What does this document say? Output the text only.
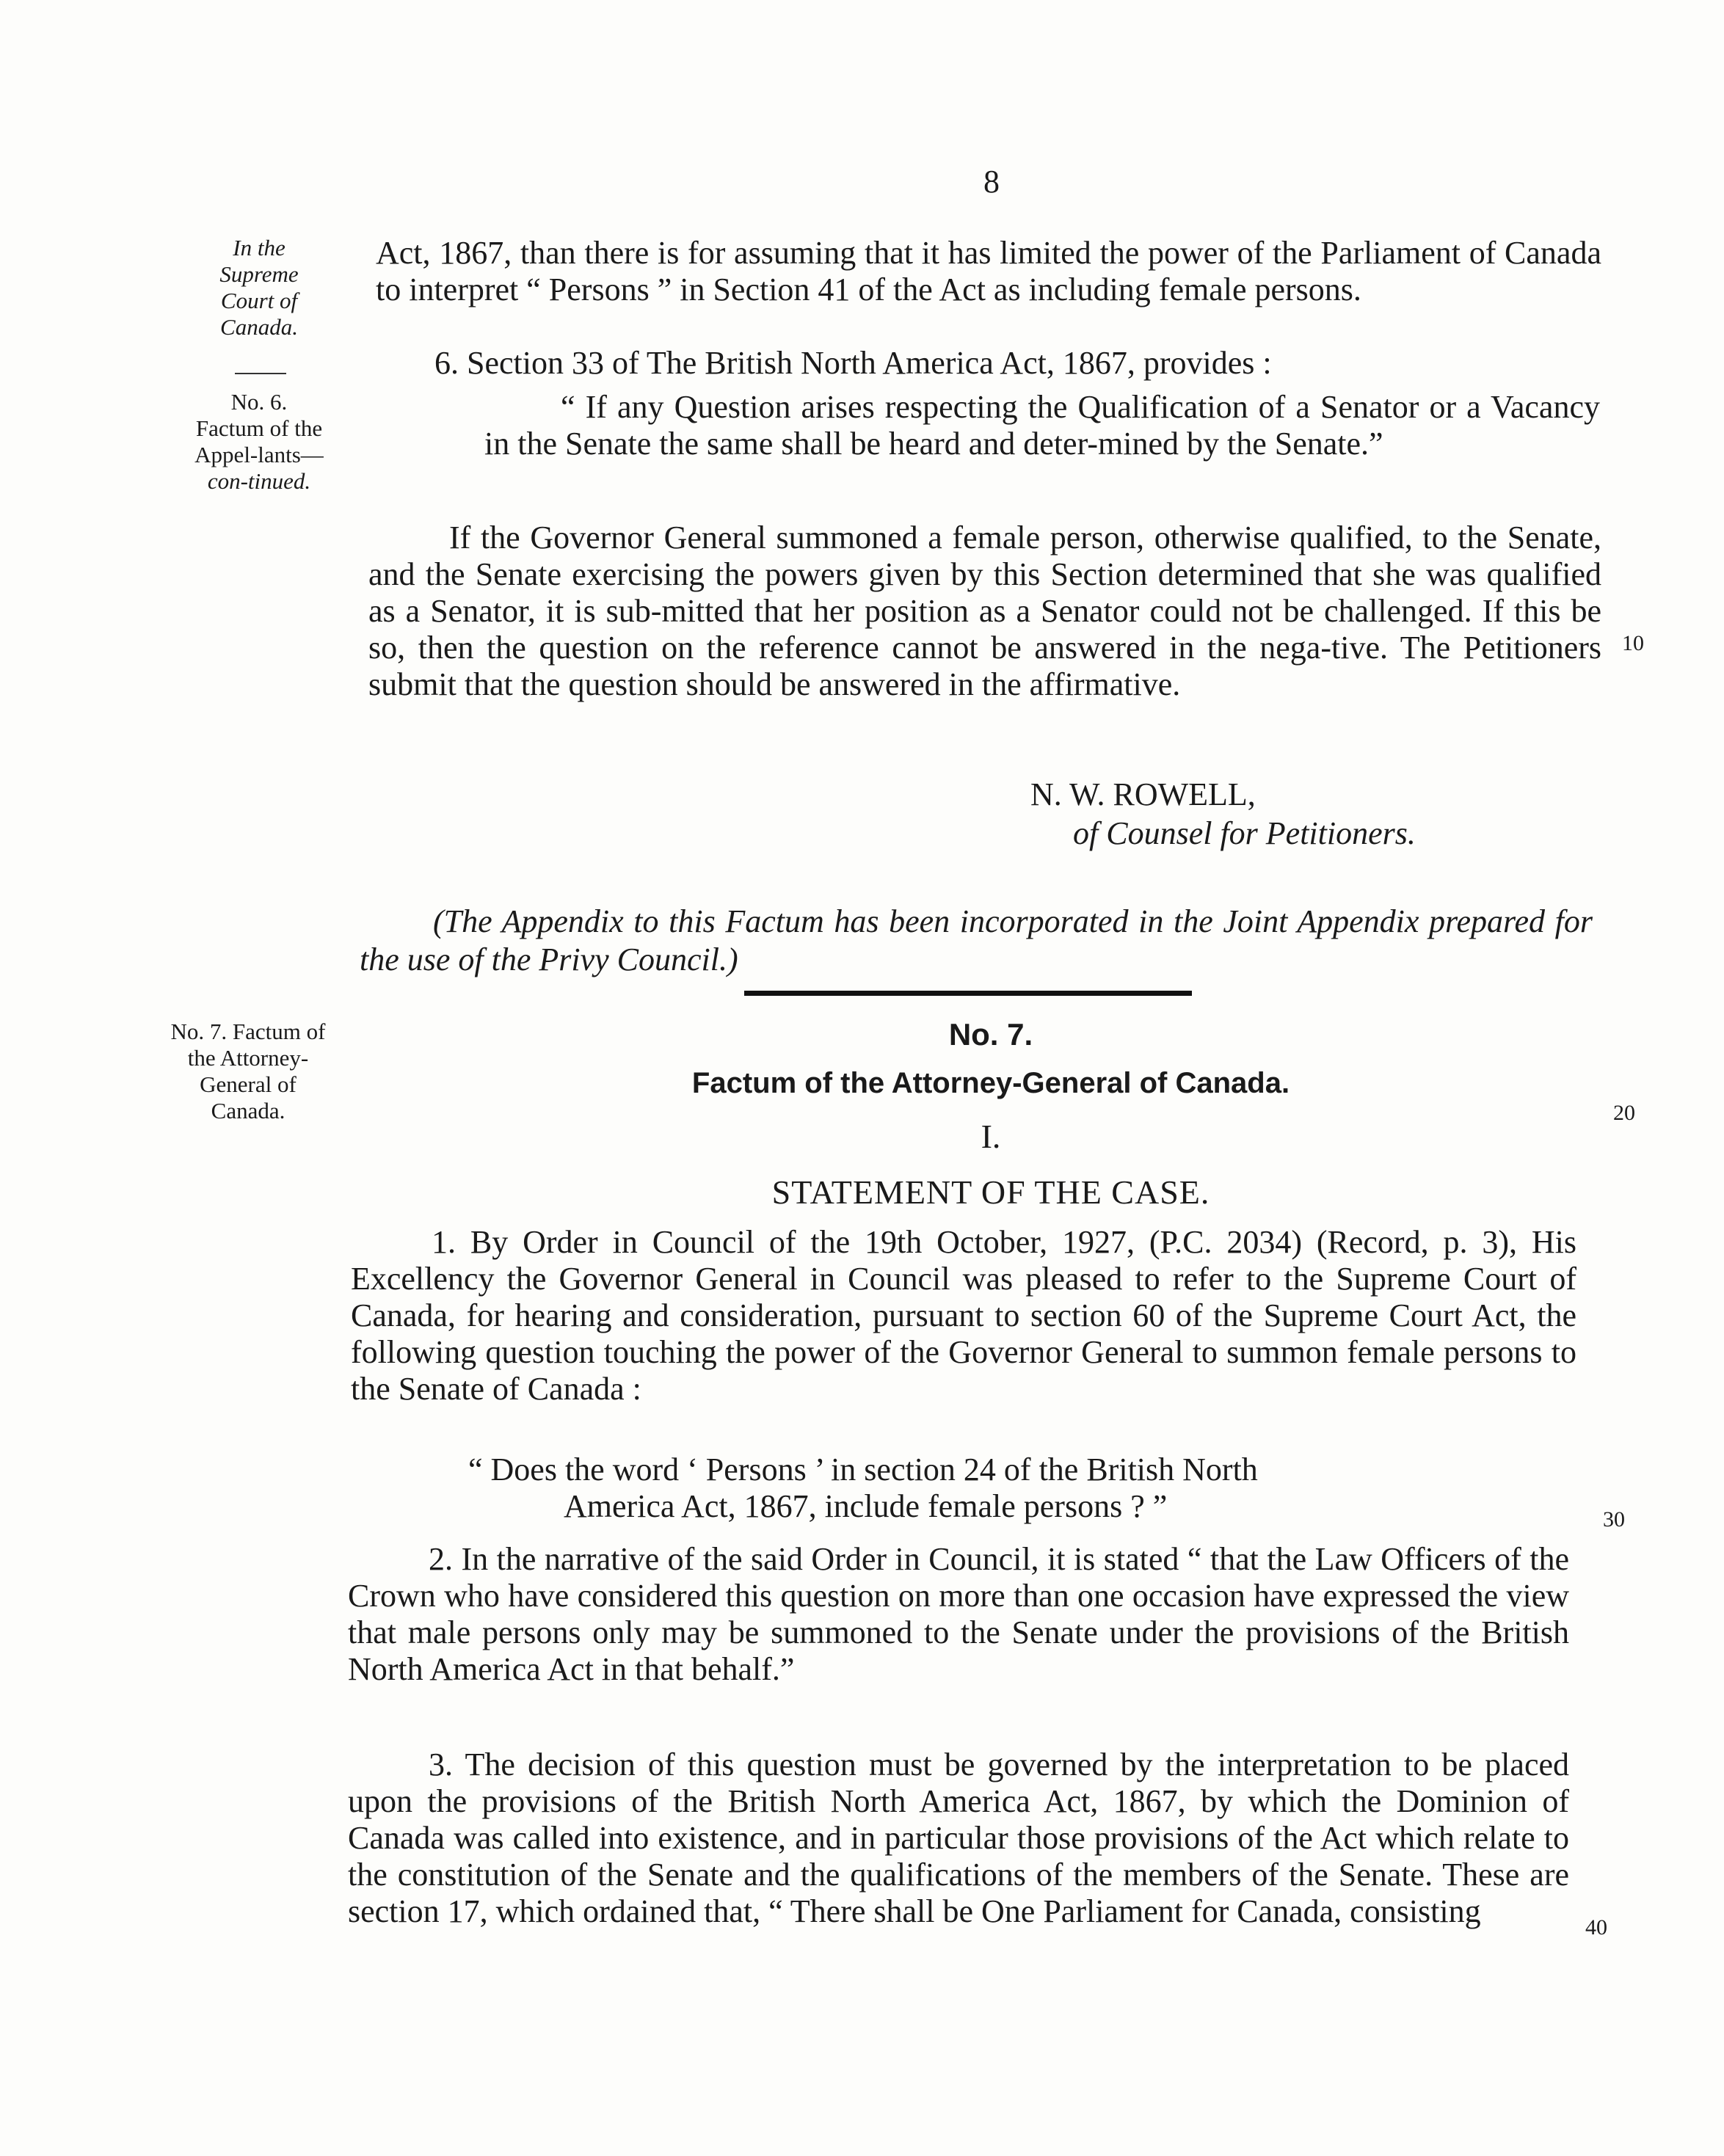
8
In the Supreme Court of Canada.
No. 6.
Factum of the Appel-lants—con-tinued.
No. 7. Factum of the Attorney-General of Canada.
10
20
30
40

Act, 1867, than there is for assuming that it has limited the power of the Parliament of Canada to interpret “ Persons ” in Section 41 of the Act as including female persons.

6. Section 33 of The British North America Act, 1867, provides :

“ If any Question arises respecting the Qualification of a Senator or a Vacancy in the Senate the same shall be heard and deter-mined by the Senate.”

If the Governor General summoned a female person, otherwise qualified, to the Senate, and the Senate exercising the powers given by this Section determined that she was qualified as a Senator, it is sub-mitted that her position as a Senator could not be challenged. If this be so, then the question on the reference cannot be answered in the nega-tive. The Petitioners submit that the question should be answered in the affirmative.

N. W. ROWELL,
of Counsel for Petitioners.

(The Appendix to this Factum has been incorporated in the Joint Appendix prepared for the use of the Privy Council.)

No. 7.
Factum of the Attorney-General of Canada.
I.
STATEMENT OF THE CASE.

1. By Order in Council of the 19th October, 1927, (P.C. 2034) (Record, p. 3), His Excellency the Governor General in Council was pleased to refer to the Supreme Court of Canada, for hearing and consideration, pursuant to section 60 of the Supreme Court Act, the following question touching the power of the Governor General to summon female persons to the Senate of Canada :

“ Does the word ‘ Persons ’ in section 24 of the British North
America Act, 1867, include female persons ? ”

2. In the narrative of the said Order in Council, it is stated “ that the Law Officers of the Crown who have considered this question on more than one occasion have expressed the view that male persons only may be summoned to the Senate under the provisions of the British North America Act in that behalf.”

3. The decision of this question must be governed by the interpretation to be placed upon the provisions of the British North America Act, 1867, by which the Dominion of Canada was called into existence, and in particular those provisions of the Act which relate to the constitution of the Senate and the qualifications of the members of the Senate. These are section 17, which ordained that, “ There shall be One Parliament for Canada, consisting
